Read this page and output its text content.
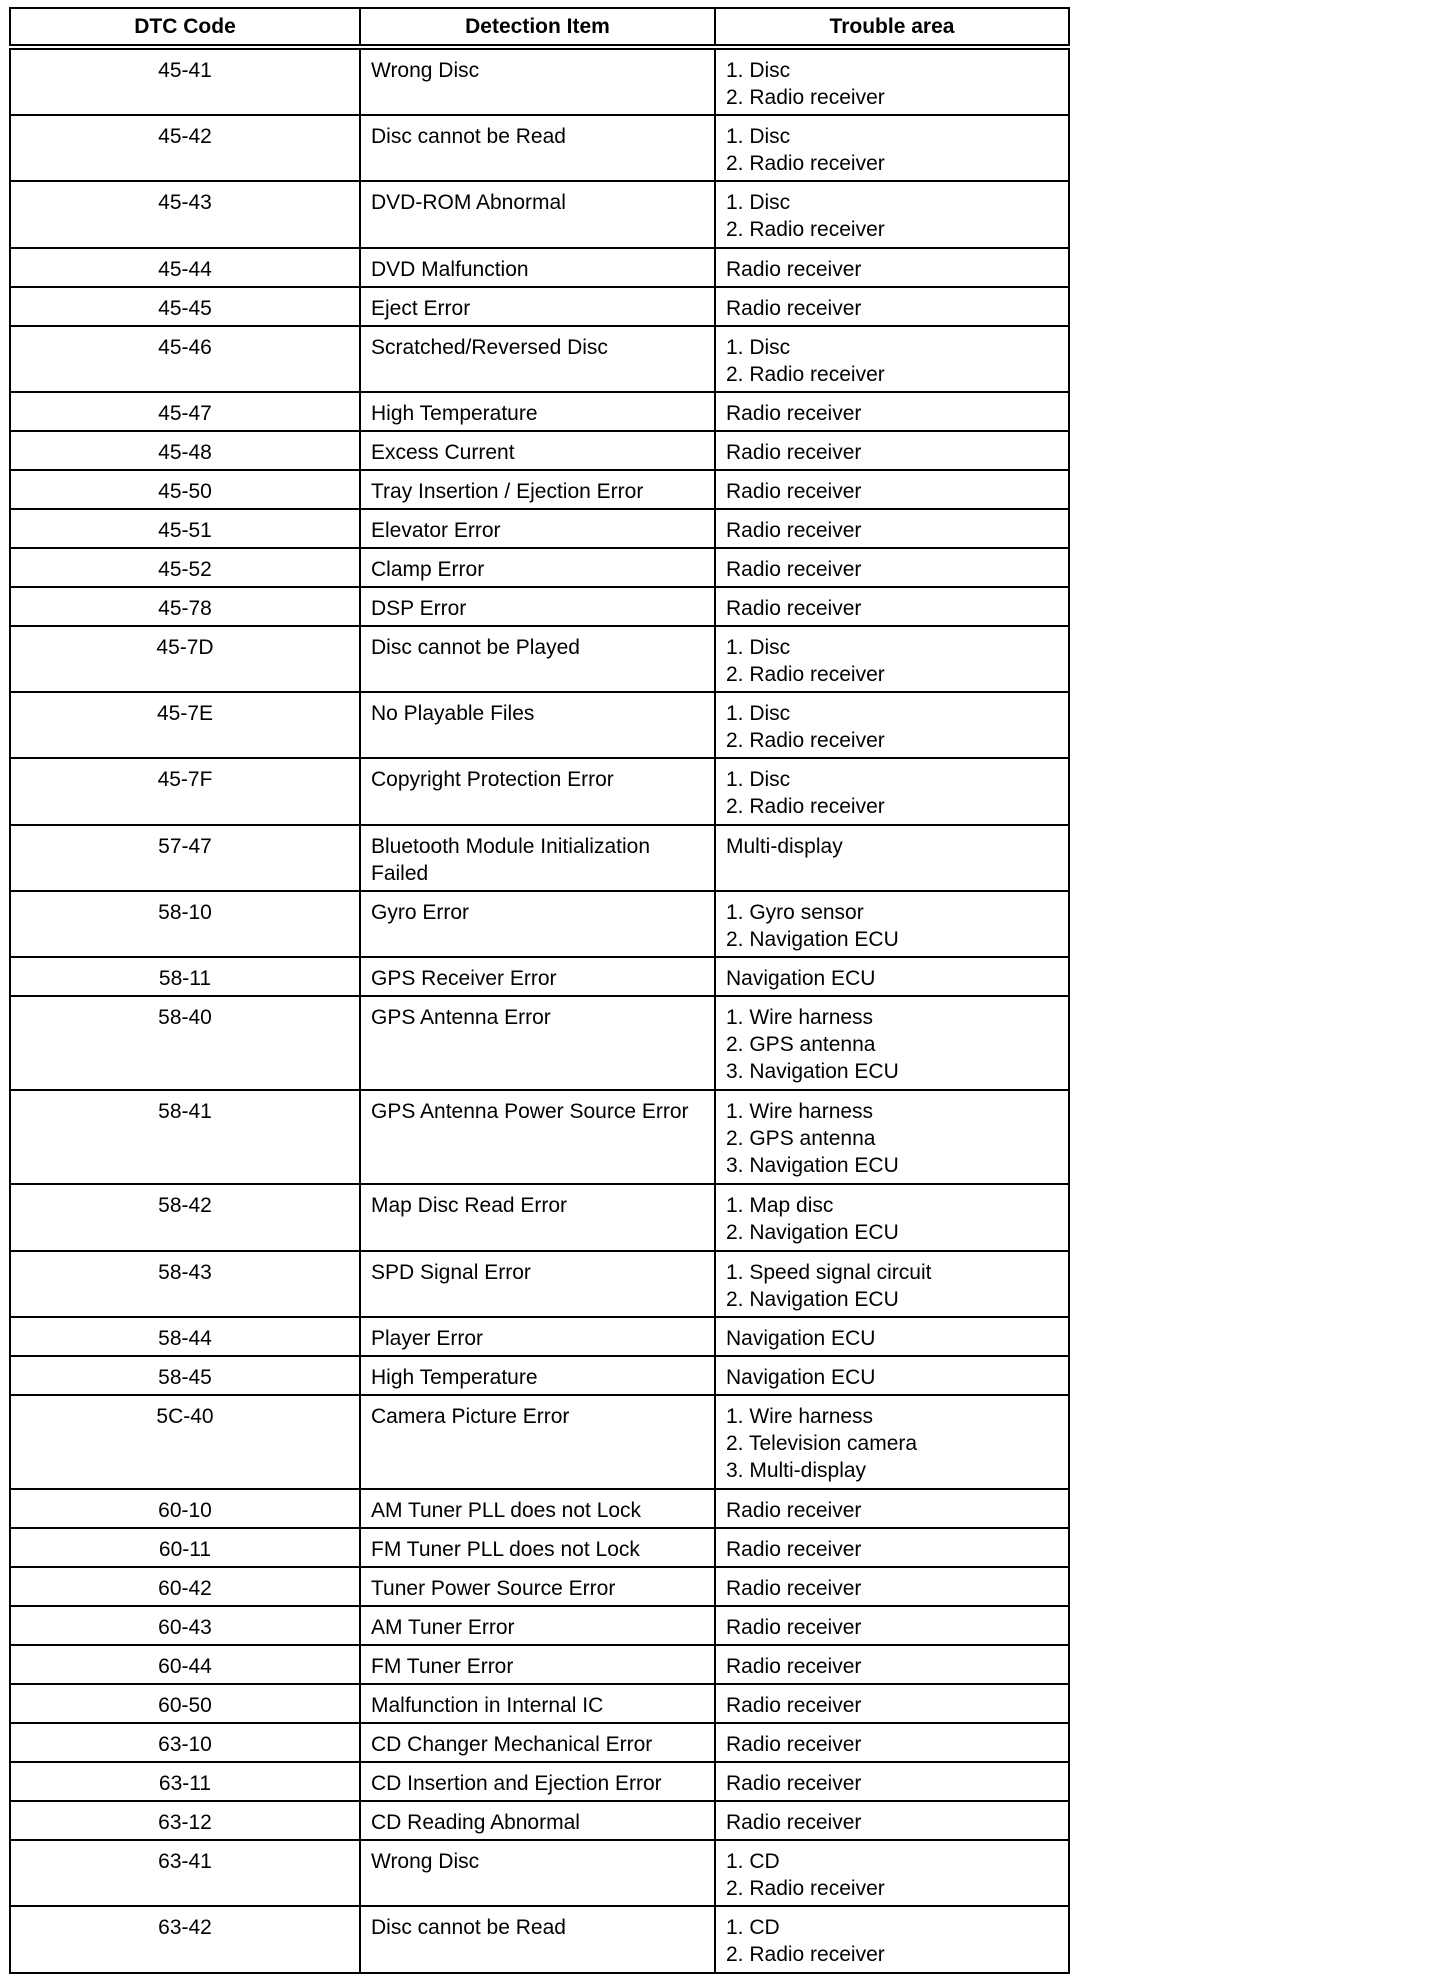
DTC Code	Detection Item	Trouble area
45-41	Wrong Disc	1. Disc
2. Radio receiver

45-42	Disc cannot be Read	1. Disc
2. Radio receiver

45-43	DVD-ROM Abnormal	1. Disc
2. Radio receiver

45-44	DVD Malfunction	Radio receiver

45-45	Eject Error	Radio receiver

45-46	Scratched/Reversed Disc	1. Disc
2. Radio receiver

45-47	High Temperature	Radio receiver

45-48	Excess Current	Radio receiver

45-50	Tray Insertion / Ejection Error	Radio receiver

45-51	Elevator Error	Radio receiver

45-52	Clamp Error	Radio receiver

45-78	DSP Error	Radio receiver

45-7D	Disc cannot be Played	1. Disc
2. Radio receiver

45-7E	No Playable Files	1. Disc
2. Radio receiver

45-7F	Copyright Protection Error	1. Disc
2. Radio receiver

57-47	Bluetooth Module Initialization Failed	Multi-display

58-10	Gyro Error	1. Gyro sensor
2. Navigation ECU

58-11	GPS Receiver Error	Navigation ECU

58-40	GPS Antenna Error	1. Wire harness
2. GPS antenna
3. Navigation ECU

58-41	GPS Antenna Power Source Error	1. Wire harness
2. GPS antenna
3. Navigation ECU

58-42	Map Disc Read Error	1. Map disc
2. Navigation ECU

58-43	SPD Signal Error	1. Speed signal circuit
2. Navigation ECU

58-44	Player Error	Navigation ECU

58-45	High Temperature	Navigation ECU

5C-40	Camera Picture Error	1. Wire harness
2. Television camera
3. Multi-display

60-10	AM Tuner PLL does not Lock	Radio receiver

60-11	FM Tuner PLL does not Lock	Radio receiver

60-42	Tuner Power Source Error	Radio receiver

60-43	AM Tuner Error	Radio receiver

60-44	FM Tuner Error	Radio receiver

60-50	Malfunction in Internal IC	Radio receiver

63-10	CD Changer Mechanical Error	Radio receiver

63-11	CD Insertion and Ejection Error	Radio receiver

63-12	CD Reading Abnormal	Radio receiver

63-41	Wrong Disc	1. CD
2. Radio receiver

63-42	Disc cannot be Read	1. CD
2. Radio receiver
